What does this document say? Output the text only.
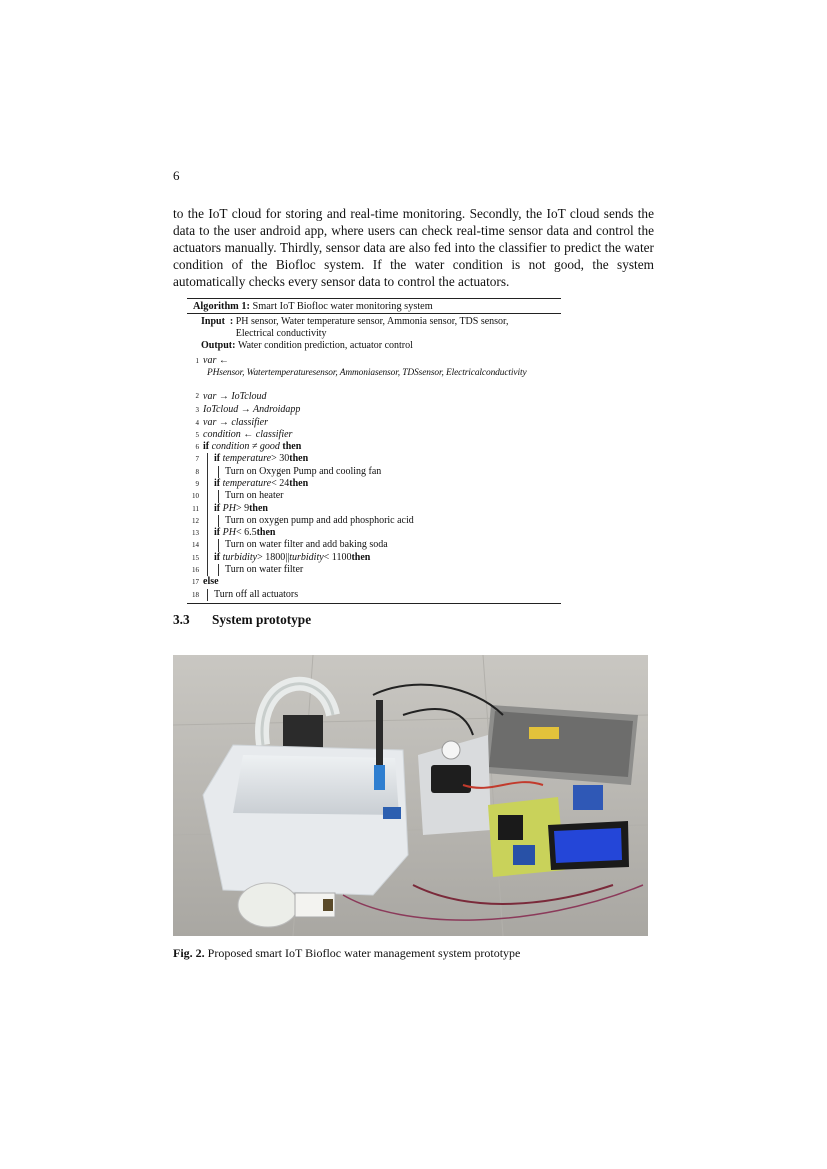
6

to the IoT cloud for storing and real-time monitoring. Secondly, the IoT cloud sends the data to the user android app, where users can check real-time sensor data and control the actuators manually. Thirdly, sensor data are also fed into the classifier to predict the water condition of the Biofloc system. If the water condition is not good, the system automatically checks every sensor data to control the actuators.

Algorithm 1: Smart IoT Biofloc water monitoring system
Input  : PH sensor, Water temperature sensor, Ammonia sensor, TDS sensor, Electrical conductivity
Output: Water condition prediction, actuator control
1 var ←
PHsensor, Watertemperaturesensor, Ammoniasensor, TDSsensor, Electricalconductivity
2 var → IoTcloud
3 IoTcloud → Androidapp
4 var → classifier
5 condition ← classifier
6 if
condition ≠ good
then
7 if
temperature > 30 then
8	Turn on Oxygen Pump and cooling fan
9 if
temperature < 24 then
10	Turn on heater
11 if
PH > 9 then
12	Turn on oxygen pump and add phosphoric acid
13 if
PH < 6.5 then
14	Turn on water filter and add baking soda
15 if
turbidity > 1800|| turbidity < 1100 then
16	Turn on water filter
17 else

18 Turn off all actuators
3.3 System prototype
Fig. 2. Proposed smart IoT Biofloc water management system prototype
